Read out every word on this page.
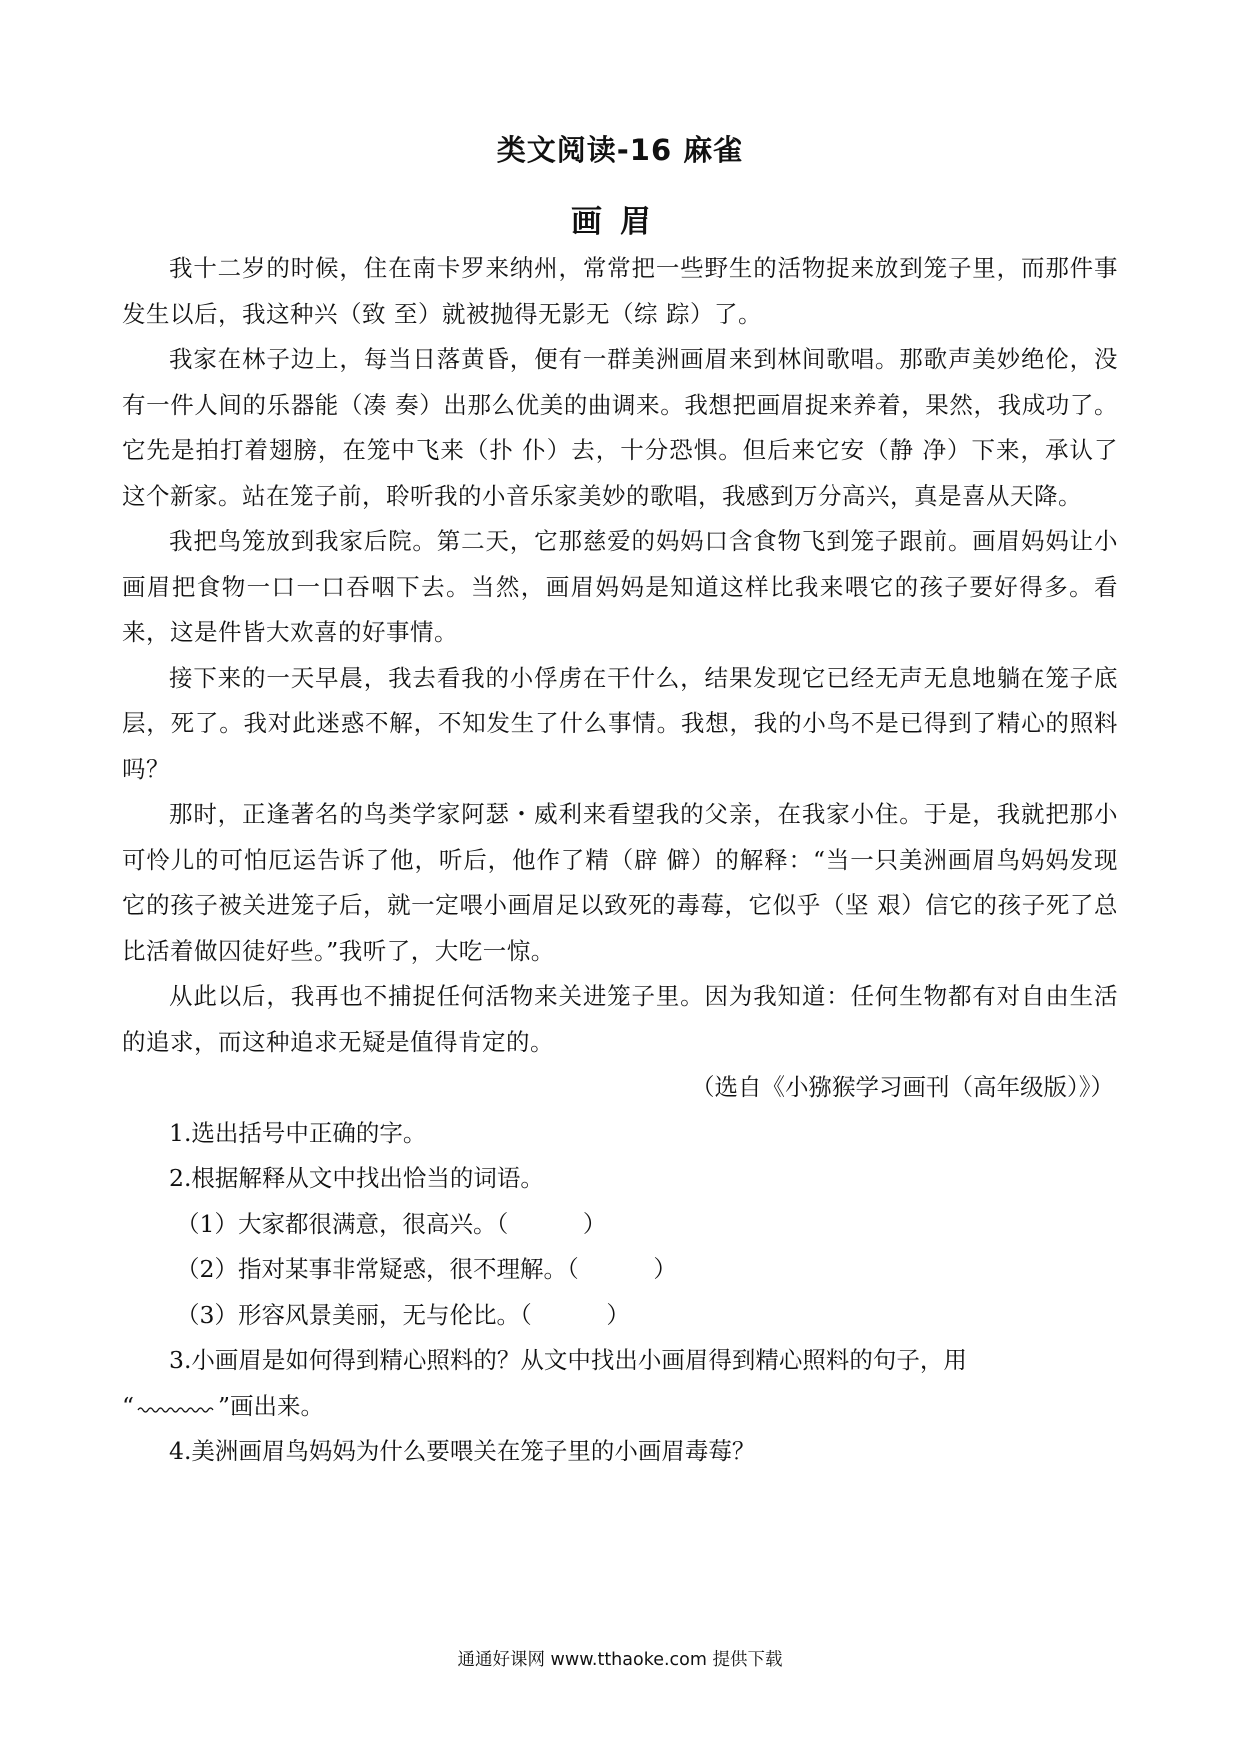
类文阅读-16 麻雀
画眉

我十二岁的时候，住在南卡罗来纳州，常常把一些野生的活物捉来放到笼子里，而那件事发生以后，我这种兴（致 至）就被抛得无影无（综 踪）了。

我家在林子边上，每当日落黄昏，便有一群美洲画眉来到林间歌唱。那歌声美妙绝伦，没有一件人间的乐器能（凑 奏）出那么优美的曲调来。我想把画眉捉来养着，果然，我成功了。它先是拍打着翅膀，在笼中飞来（扑 仆）去，十分恐惧。但后来它安（静 净）下来，承认了这个新家。站在笼子前，聆听我的小音乐家美妙的歌唱，我感到万分高兴，真是喜从天降。

我把鸟笼放到我家后院。第二天，它那慈爱的妈妈口含食物飞到笼子跟前。画眉妈妈让小画眉把食物一口一口吞咽下去。当然，画眉妈妈是知道这样比我来喂它的孩子要好得多。看来，这是件皆大欢喜的好事情。

接下来的一天早晨，我去看我的小俘虏在干什么，结果发现它已经无声无息地躺在笼子底层，死了。我对此迷惑不解，不知发生了什么事情。我想，我的小鸟不是已得到了精心的照料吗？

那时，正逢著名的鸟类学家阿瑟・威利来看望我的父亲，在我家小住。于是，我就把那小可怜儿的可怕厄运告诉了他，听后，他作了精（辟 僻）的解释：“当一只美洲画眉鸟妈妈发现它的孩子被关进笼子后，就一定喂小画眉足以致死的毒莓，它似乎（坚 艰）信它的孩子死了总比活着做囚徒好些。”我听了，大吃一惊。

从此以后，我再也不捕捉任何活物来关进笼子里。因为我知道：任何生物都有对自由生活的追求，而这种追求无疑是值得肯定的。

（选自《小猕猴学习画刊（高年级版）》）

1.选出括号中正确的字。

2.根据解释从文中找出恰当的词语。

（1）大家都很满意，很高兴。（          ）

（2）指对某事非常疑惑，很不理解。（          ）

（3）形容风景美丽，无与伦比。（          ）

3.小画眉是如何得到精心照料的？从文中找出小画眉得到精心照料的句子，用

“	”画出来。

4.美洲画眉鸟妈妈为什么要喂关在笼子里的小画眉毒莓？

通通好课网 www.tthaoke.com 提供下载
